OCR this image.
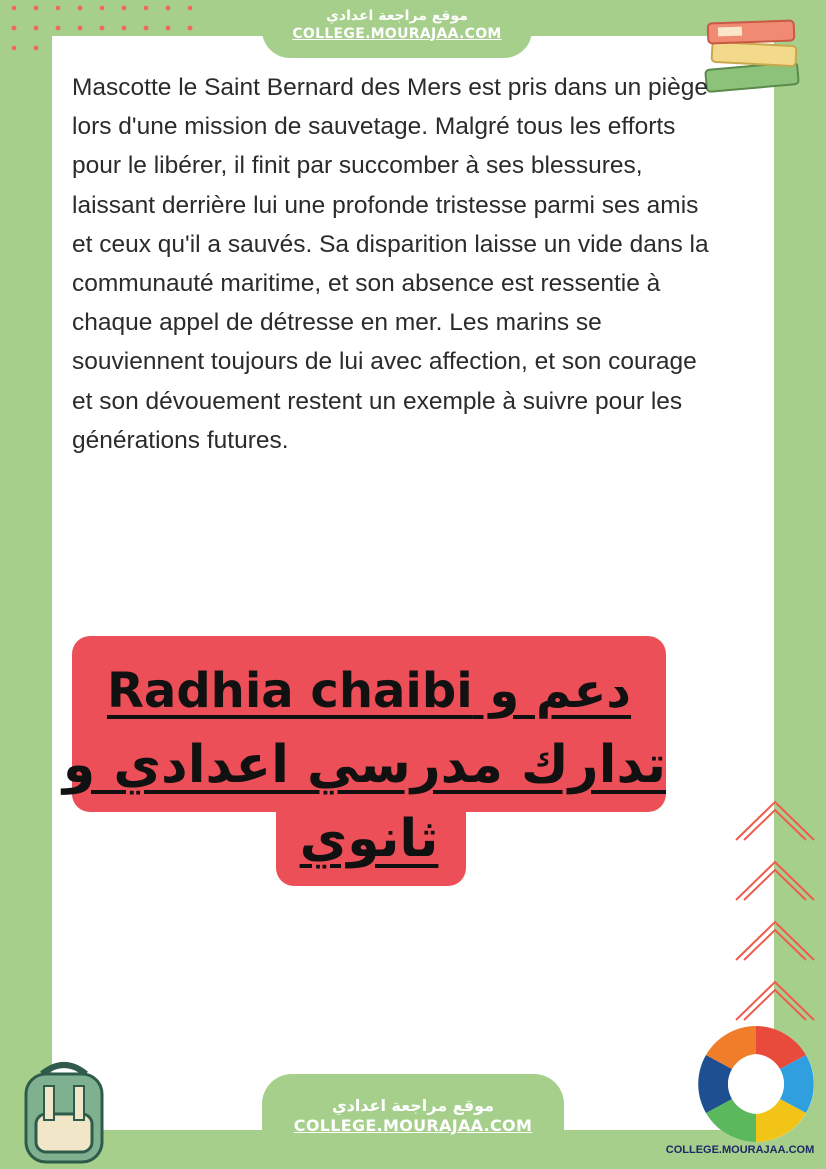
موقع مراجعة اعدادي
COLLEGE.MOURAJAA.COM

Mascotte le Saint Bernard des Mers est pris dans un piège lors d'une mission de sauvetage. Malgré tous les efforts pour le libérer, il finit par succomber à ses blessures, laissant derrière lui une profonde tristesse parmi ses amis et ceux qu'il a sauvés. Sa disparition laisse un vide dans la communauté maritime, et son absence est ressentie à chaque appel de détresse en mer. Les marins se souviennent toujours de lui avec affection, et son courage et son dévouement restent un exemple à suivre pour les générations futures.

دعم و Radhia chaibi
تدارك مدرسي اعدادي و
ثانوي
موقع مراجعة اعدادي
COLLEGE.MOURAJAA.COM
COLLEGE.MOURAJAA.COM
